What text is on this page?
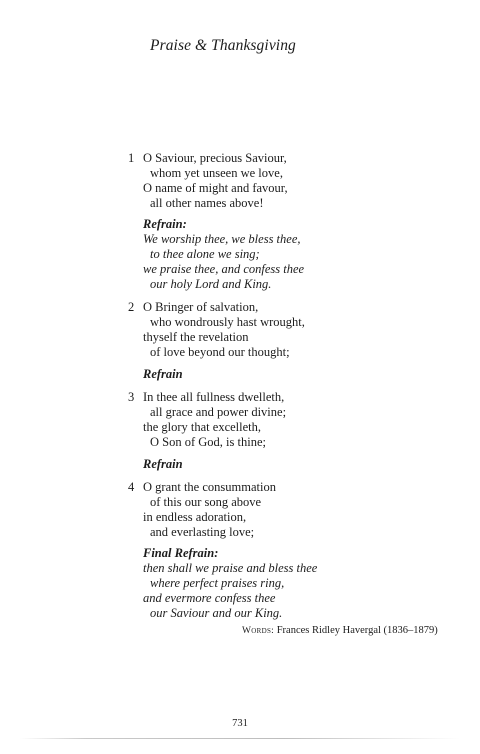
Praise & Thanksgiving
1 O Saviour, precious Saviour,
whom yet unseen we love,
O name of might and favour,
all other names above!
Refrain:
We worship thee, we bless thee,
to thee alone we sing;
we praise thee, and confess thee
our holy Lord and King.
2 O Bringer of salvation,
who wondrously hast wrought,
thyself the revelation
of love beyond our thought;
Refrain
3 In thee all fullness dwelleth,
all grace and power divine;
the glory that excelleth,
O Son of God, is thine;
Refrain
4 O grant the consummation
of this our song above
in endless adoration,
and everlasting love;
Final Refrain:
then shall we praise and bless thee
where perfect praises ring,
and evermore confess thee
our Saviour and our King.
Words: Frances Ridley Havergal (1836–1879)
731
